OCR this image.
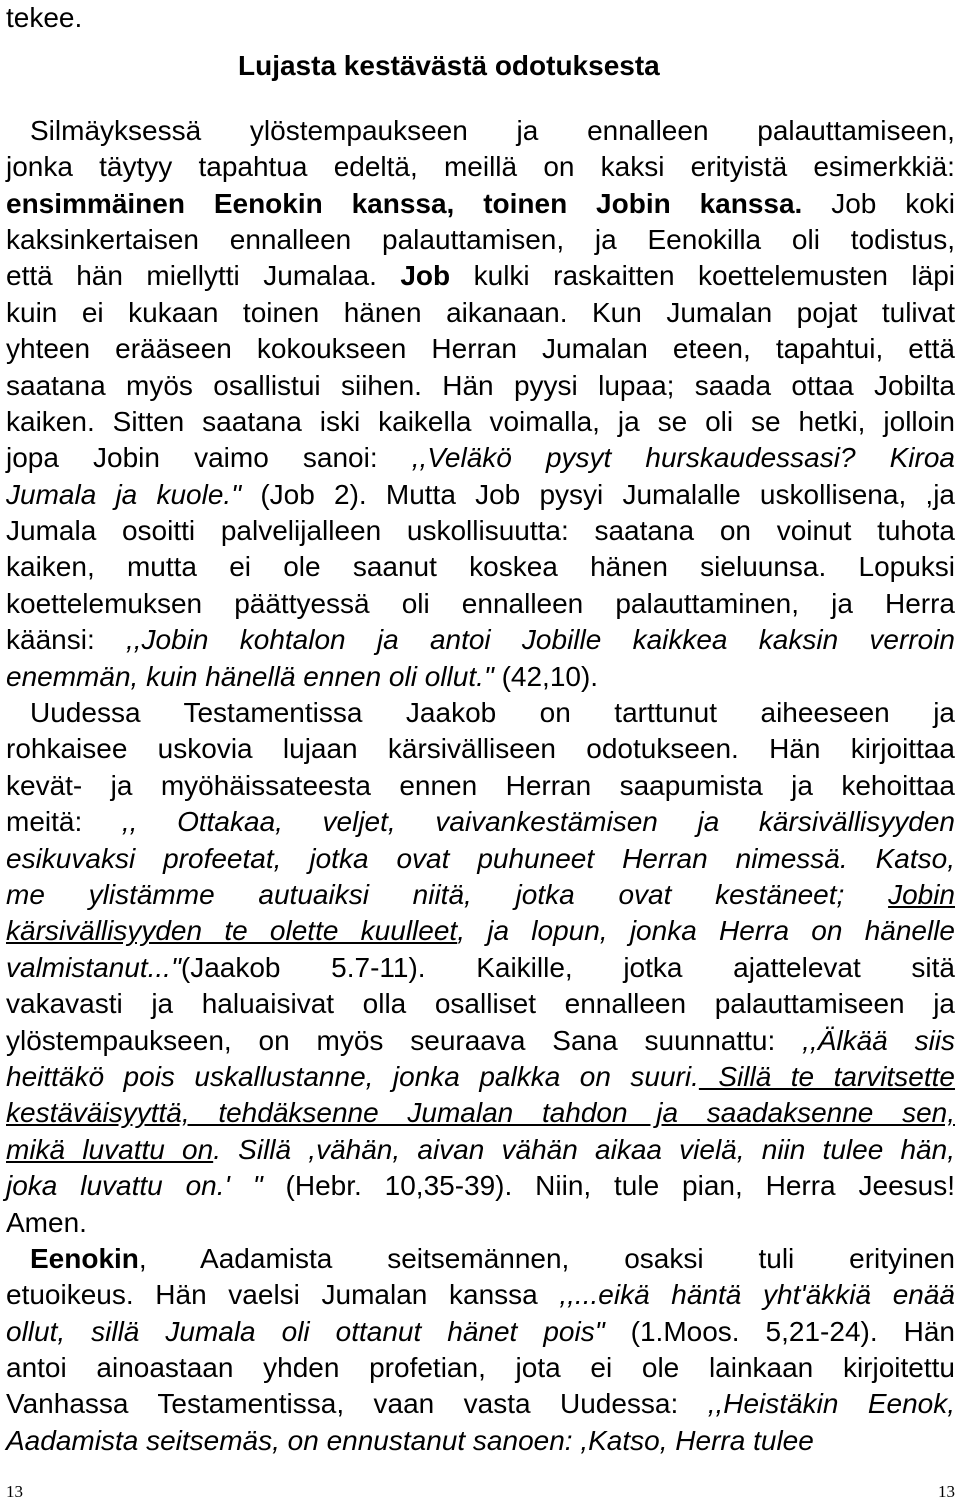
tekee.
Lujasta kestävästä odotuksesta
Silmäyksessä ylöstempaukseen ja ennalleen palauttamiseen,
jonka täytyy tapahtua edeltä, meillä on kaksi erityistä esimerkkiä:
ensimmäinen Eenokin kanssa, toinen Jobin kanssa. Job koki
kaksinkertaisen ennalleen palauttamisen, ja Eenokilla oli todistus,
että hän miellytti Jumalaa. Job kulki raskaitten koettelemusten läpi
kuin ei kukaan toinen hänen aikanaan. Kun Jumalan pojat tulivat
yhteen erääseen kokoukseen Herran Jumalan eteen, tapahtui, että
saatana myös osallistui siihen. Hän pyysi lupaa; saada ottaa Jobilta
kaiken. Sitten saatana iski kaikella voimalla, ja se oli se hetki, jolloin
jopa Jobin vaimo sanoi: ,,Veläkö pysyt hurskaudessasi? Kiroa
Jumala ja kuole." (Job 2). Mutta Job pysyi Jumalalle uskollisena, ,ja
Jumala osoitti palvelijalleen uskollisuutta: saatana on voinut tuhota
kaiken, mutta ei ole saanut koskea hänen sieluunsa. Lopuksi
koettelemuksen päättyessä oli ennalleen palauttaminen, ja Herra
käänsi: ,,Jobin kohtalon ja antoi Jobille kaikkea kaksin verroin
enemmän, kuin hänellä ennen oli ollut." (42,10).
Uudessa Testamentissa Jaakob on tarttunut aiheeseen ja
rohkaisee uskovia lujaan kärsivälliseen odotukseen. Hän kirjoittaa
kevät- ja myöhäissateesta ennen Herran saapumista ja kehoittaa
meitä: ,, Ottakaa, veljet, vaivankestämisen ja kärsivällisyyden
esikuvaksi profeetat, jotka ovat puhuneet Herran nimessä. Katso,
me ylistämme autuaiksi niitä, jotka ovat kestäneet; Jobin
kärsivällisyyden te olette kuulleet, ja lopun, jonka Herra on hänelle
valmistanut..."(Jaakob 5.7-11). Kaikille, jotka ajattelevat sitä
vakavasti ja haluaisivat olla osalliset ennalleen palauttamiseen ja
ylöstempaukseen, on myös seuraava Sana suunnattu: ,,Älkää siis
heittäkö pois uskallustanne, jonka palkka on suuri. Sillä te tarvitsette
kestäväisyyttä, tehdäksenne Jumalan tahdon ja saadaksenne sen,
mikä luvattu on. Sillä ,vähän, aivan vähän aikaa vielä, niin tulee hän,
joka luvattu on.' " (Hebr. 10,35-39). Niin, tule pian, Herra Jeesus!
Amen.
Eenokin, Aadamista seitsemännen, osaksi tuli erityinen
etuoikeus. Hän vaelsi Jumalan kanssa ,,...eikä häntä yht'äkkiä enää
ollut, sillä Jumala oli ottanut hänet pois" (1.Moos. 5,21-24). Hän
antoi ainoastaan yhden profetian, jota ei ole lainkaan kirjoitettu
Vanhassa Testamentissa, vaan vasta Uudessa: ,,Heistäkin Eenok,
Aadamista seitsemäs, on ennustanut sanoen: ,Katso, Herra tulee
13	13
